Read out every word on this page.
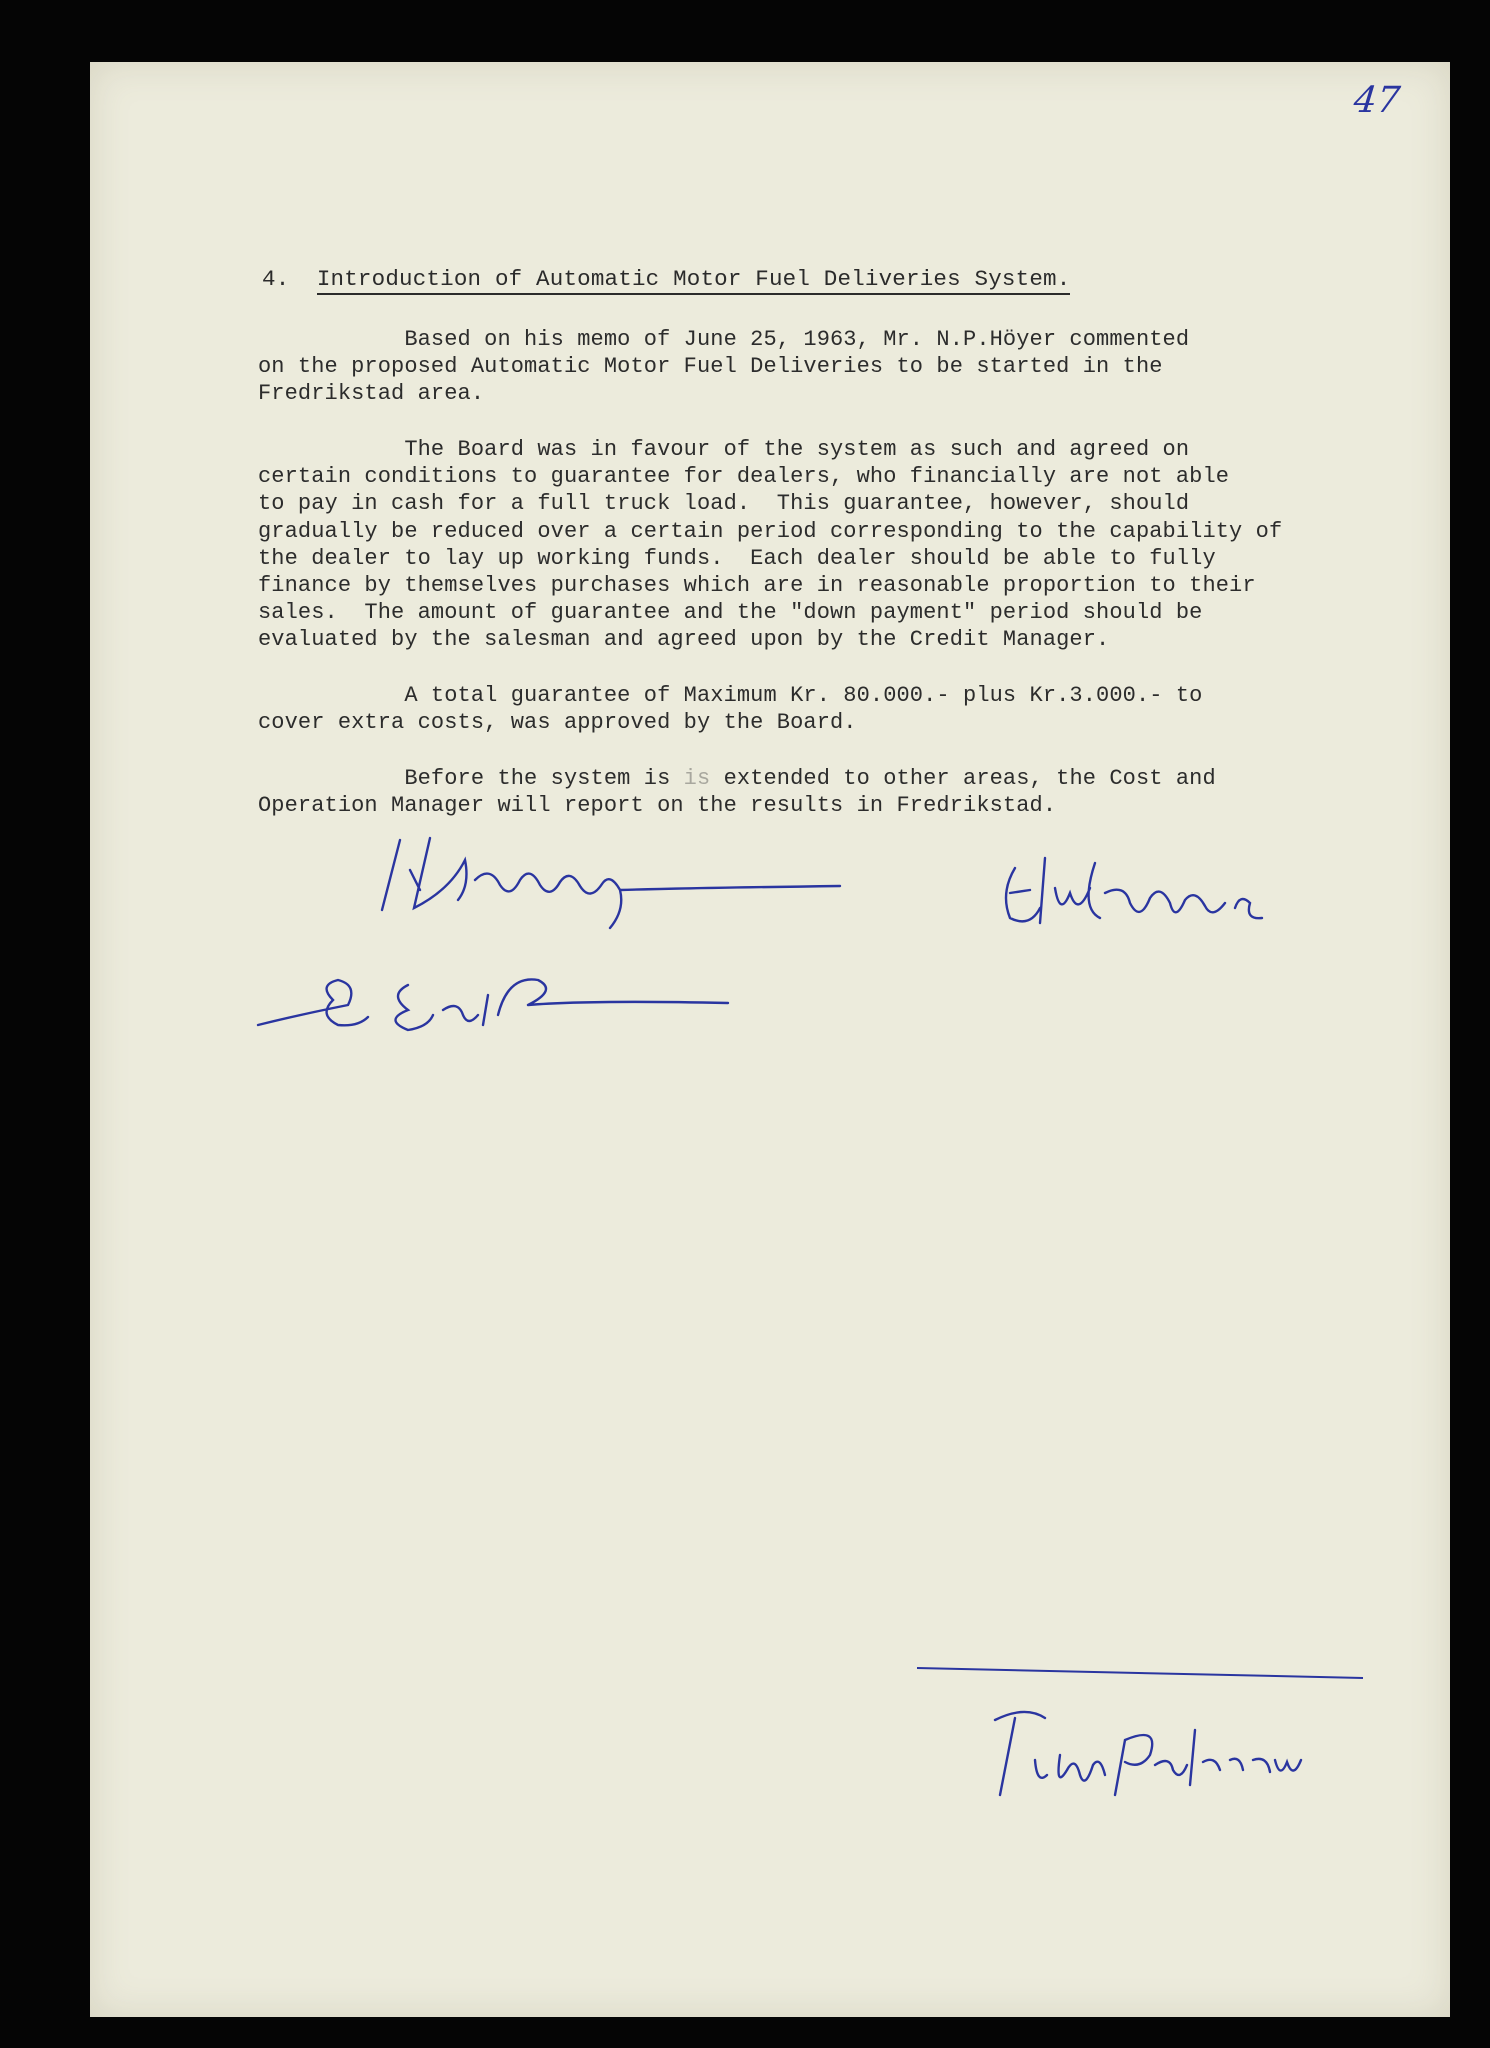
47
4. Introduction of Automatic Motor Fuel Deliveries System.
Based on his memo of June 25, 1963, Mr. N.P.Höyer commented
on the proposed Automatic Motor Fuel Deliveries to be started in the
Fredrikstad area.
The Board was in favour of the system as such and agreed on
certain conditions to guarantee for dealers, who financially are not able
to pay in cash for a full truck load.  This guarantee, however, should
gradually be reduced over a certain period corresponding to the capability of
the dealer to lay up working funds.  Each dealer should be able to fully
finance by themselves purchases which are in reasonable proportion to their
sales.  The amount of guarantee and the "down payment" period should be
evaluated by the salesman and agreed upon by the Credit Manager.
A total guarantee of Maximum Kr. 80.000.- plus Kr.3.000.- to
cover extra costs, was approved by the Board.
Before the system is is extended to other areas, the Cost and
Operation Manager will report on the results in Fredrikstad.
